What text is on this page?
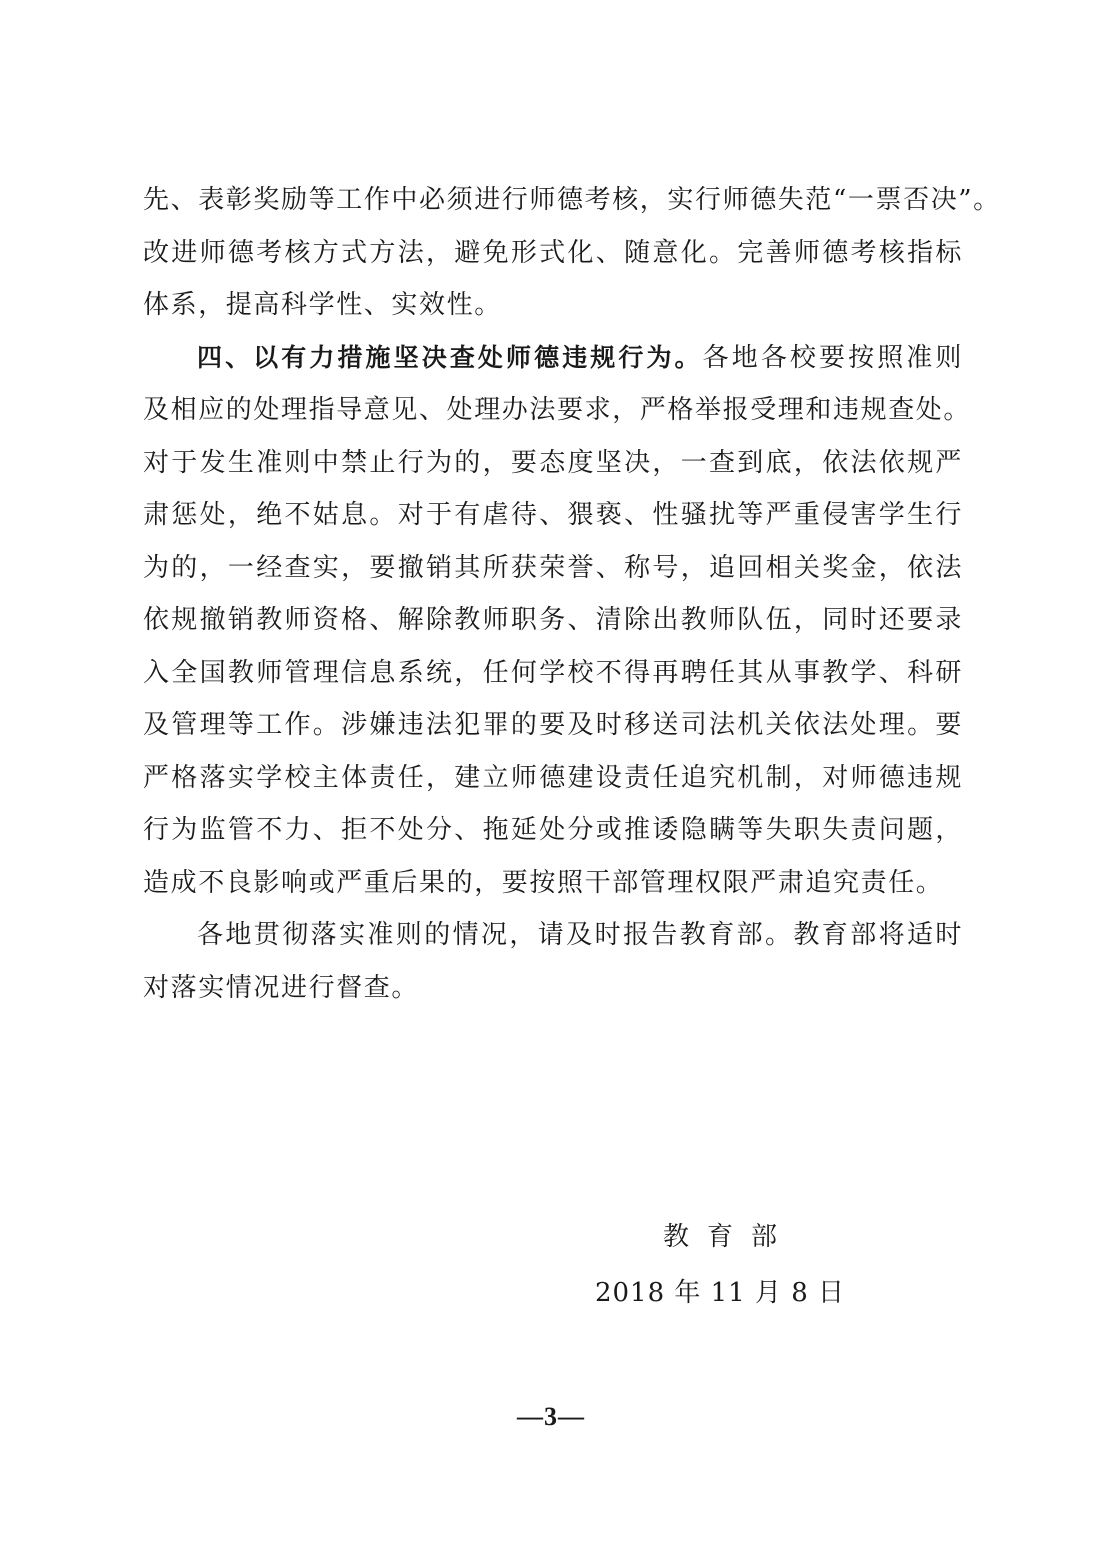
先、表彰奖励等工作中必须进行师德考核，实行师德失范“一票否决”。
改进师德考核方式方法，避免形式化、随意化。完善师德考核指标
体系，提高科学性、实效性。
四、以有力措施坚决查处师德违规行为。各地各校要按照准则
及相应的处理指导意见、处理办法要求，严格举报受理和违规查处。
对于发生准则中禁止行为的，要态度坚决，一查到底，依法依规严
肃惩处，绝不姑息。对于有虐待、猥亵、性骚扰等严重侵害学生行
为的，一经查实，要撤销其所获荣誉、称号，追回相关奖金，依法
依规撤销教师资格、解除教师职务、清除出教师队伍，同时还要录
入全国教师管理信息系统，任何学校不得再聘任其从事教学、科研
及管理等工作。涉嫌违法犯罪的要及时移送司法机关依法处理。要
严格落实学校主体责任，建立师德建设责任追究机制，对师德违规
行为监管不力、拒不处分、拖延处分或推诿隐瞒等失职失责问题，
造成不良影响或严重后果的，要按照干部管理权限严肃追究责任。
各地贯彻落实准则的情况，请及时报告教育部。教育部将适时
对落实情况进行督查。
教育部
2018 年 11 月 8 日
—3—
